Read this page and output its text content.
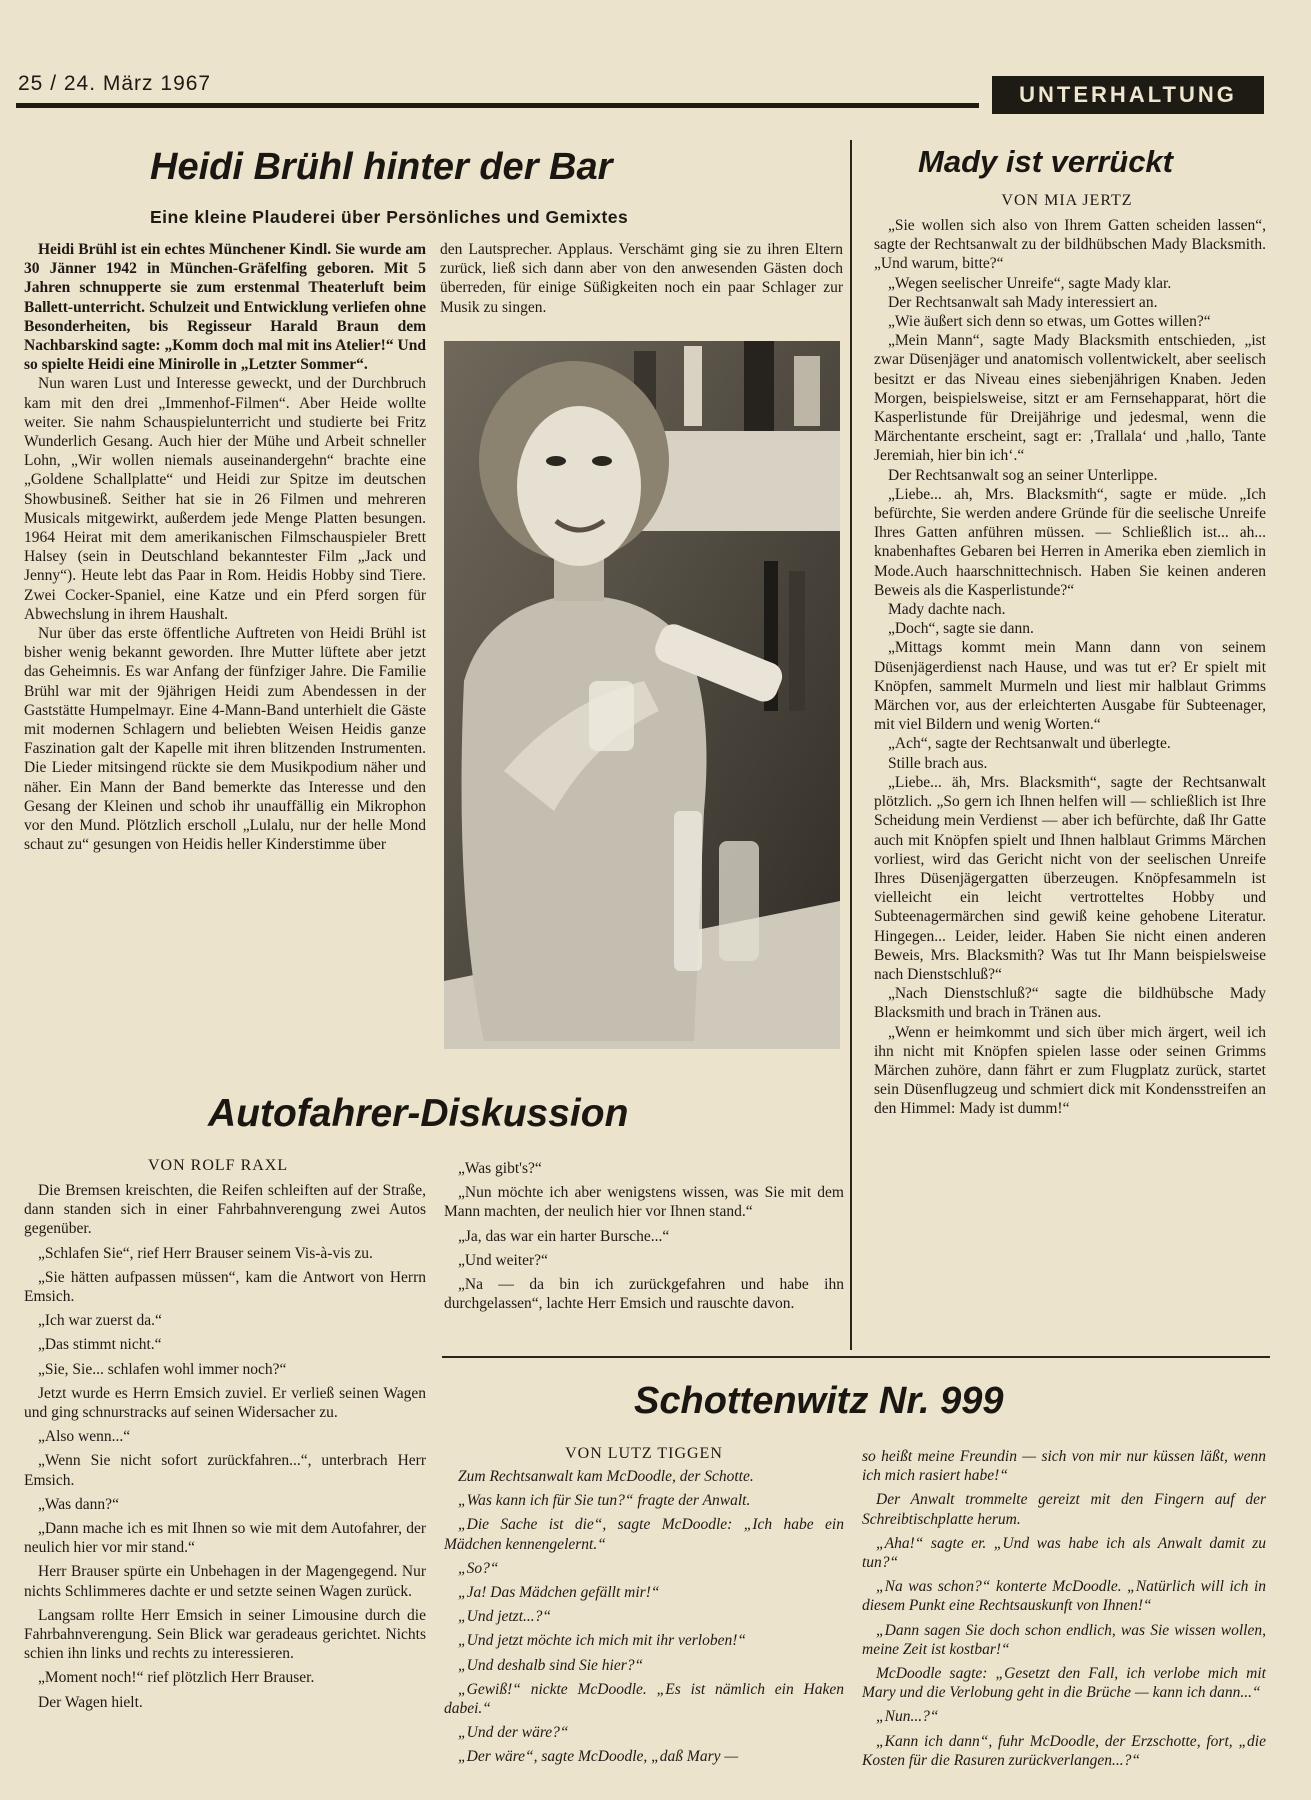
25 / 24. März 1967	UNTERHALTUNG
Heidi Brühl hinter der Bar
Eine kleine Plauderei über Persönliches und Gemixtes

Heidi Brühl ist ein echtes Münchener Kindl. Sie wurde am 30 Jänner 1942 in München-Gräfelfing geboren. Mit 5 Jahren schnupperte sie zum erstenmal Theaterluft beim Ballett-unterricht. Schulzeit und Entwicklung verliefen ohne Besonderheiten, bis Regisseur Harald Braun dem Nachbarskind sagte: „Komm doch mal mit ins Atelier!“ Und so spielte Heidi eine Minirolle in „Letzter Sommer“.

Nun waren Lust und Interesse geweckt, und der Durchbruch kam mit den drei „Immenhof-Filmen“. Aber Heide wollte weiter. Sie nahm Schauspielunterricht und studierte bei Fritz Wunderlich Gesang. Auch hier der Mühe und Arbeit schneller Lohn, „Wir wollen niemals auseinandergehn“ brachte eine „Goldene Schallplatte“ und Heidi zur Spitze im deutschen Showbusineß. Seither hat sie in 26 Filmen und mehreren Musicals mitgewirkt, außerdem jede Menge Platten besungen. 1964 Heirat mit dem amerikanischen Filmschauspieler Brett Halsey (sein in Deutschland bekanntester Film „Jack und Jenny“). Heute lebt das Paar in Rom. Heidis Hobby sind Tiere. Zwei Cocker-Spaniel, eine Katze und ein Pferd sorgen für Abwechslung in ihrem Haushalt.

Nur über das erste öffentliche Auftreten von Heidi Brühl ist bisher wenig bekannt geworden. Ihre Mutter lüftete aber jetzt das Geheimnis. Es war Anfang der fünfziger Jahre. Die Familie Brühl war mit der 9jährigen Heidi zum Abendessen in der Gaststätte Humpelmayr. Eine 4-Mann-Band unterhielt die Gäste mit modernen Schlagern und beliebten Weisen Heidis ganze Faszination galt der Kapelle mit ihren blitzenden Instrumenten. Die Lieder mitsingend rückte sie dem Musikpodium näher und näher. Ein Mann der Band bemerkte das Interesse und den Gesang der Kleinen und schob ihr unauffällig ein Mikrophon vor den Mund. Plötzlich erscholl „Lulalu, nur der helle Mond schaut zu“ gesungen von Heidis heller Kinderstimme über

den Lautsprecher. Applaus. Verschämt ging sie zu ihren Eltern zurück, ließ sich dann aber von den anwesenden Gästen doch überreden, für einige Süßigkeiten noch ein paar Schlager zur Musik zu singen.

Mady ist verrückt
VON MIA JERTZ

„Sie wollen sich also von Ihrem Gatten scheiden lassen“, sagte der Rechtsanwalt zu der bildhübschen Mady Blacksmith. „Und warum, bitte?“

„Wegen seelischer Unreife“, sagte Mady klar.

Der Rechtsanwalt sah Mady interessiert an.

„Wie äußert sich denn so etwas, um Gottes willen?“

„Mein Mann“, sagte Mady Blacksmith entschieden, „ist zwar Düsenjäger und anatomisch vollentwickelt, aber seelisch besitzt er das Niveau eines siebenjährigen Knaben. Jeden Morgen, beispielsweise, sitzt er am Fernsehapparat, hört die Kasperlistunde für Dreijährige und jedesmal, wenn die Märchentante erscheint, sagt er: ‚Trallala‘ und ‚hallo, Tante Jeremiah, hier bin ich‘.“

Der Rechtsanwalt sog an seiner Unterlippe.

„Liebe... ah, Mrs. Blacksmith“, sagte er müde. „Ich befürchte, Sie werden andere Gründe für die seelische Unreife Ihres Gatten anführen müssen. — Schließlich ist... ah... knabenhaftes Gebaren bei Herren in Amerika eben ziemlich in Mode.Auch haarschnittechnisch. Haben Sie keinen anderen Beweis als die Kasperlistunde?“

Mady dachte nach.

„Doch“, sagte sie dann.

„Mittags kommt mein Mann dann von seinem Düsenjägerdienst nach Hause, und was tut er? Er spielt mit Knöpfen, sammelt Murmeln und liest mir halblaut Grimms Märchen vor, aus der erleichterten Ausgabe für Subteenager, mit viel Bildern und wenig Worten.“

„Ach“, sagte der Rechtsanwalt und überlegte.

Stille brach aus.

„Liebe... äh, Mrs. Blacksmith“, sagte der Rechtsanwalt plötzlich. „So gern ich Ihnen helfen will — schließlich ist Ihre Scheidung mein Verdienst — aber ich befürchte, daß Ihr Gatte auch mit Knöpfen spielt und Ihnen halblaut Grimms Märchen vorliest, wird das Gericht nicht von der seelischen Unreife Ihres Düsenjägergatten überzeugen. Knöpfesammeln ist vielleicht ein leicht vertrotteltes Hobby und Subteenagermärchen sind gewiß keine gehobene Literatur. Hingegen... Leider, leider. Haben Sie nicht einen anderen Beweis, Mrs. Blacksmith? Was tut Ihr Mann beispielsweise nach Dienstschluß?“

„Nach Dienstschluß?“ sagte die bildhübsche Mady Blacksmith und brach in Tränen aus.

„Wenn er heimkommt und sich über mich ärgert, weil ich ihn nicht mit Knöpfen spielen lasse oder seinen Grimms Märchen zuhöre, dann fährt er zum Flugplatz zurück, startet sein Düsenflugzeug und schmiert dick mit Kondensstreifen an den Himmel: Mady ist dumm!“

Autofahrer-Diskussion
VON ROLF RAXL

Die Bremsen kreischten, die Reifen schleiften auf der Straße, dann standen sich in einer Fahrbahnverengung zwei Autos gegenüber.

„Schlafen Sie“, rief Herr Brauser seinem Vis-à-vis zu.

„Sie hätten aufpassen müssen“, kam die Antwort von Herrn Emsich.

„Ich war zuerst da.“

„Das stimmt nicht.“

„Sie, Sie... schlafen wohl immer noch?“

Jetzt wurde es Herrn Emsich zuviel. Er verließ seinen Wagen und ging schnurstracks auf seinen Widersacher zu.

„Also wenn...“

„Wenn Sie nicht sofort zurückfahren...“, unterbrach Herr Emsich.

„Was dann?“

„Dann mache ich es mit Ihnen so wie mit dem Autofahrer, der neulich hier vor mir stand.“

Herr Brauser spürte ein Unbehagen in der Magengegend. Nur nichts Schlimmeres dachte er und setzte seinen Wagen zurück.

Langsam rollte Herr Emsich in seiner Limousine durch die Fahrbahnverengung. Sein Blick war geradeaus gerichtet. Nichts schien ihn links und rechts zu interessieren.

„Moment noch!“ rief plötzlich Herr Brauser.

Der Wagen hielt.

„Was gibt's?“

„Nun möchte ich aber wenigstens wissen, was Sie mit dem Mann machten, der neulich hier vor Ihnen stand.“

„Ja, das war ein harter Bursche...“

„Und weiter?“

„Na — da bin ich zurückgefahren und habe ihn durchgelassen“, lachte Herr Emsich und rauschte davon.

Schottenwitz Nr. 999
VON LUTZ TIGGEN

Zum Rechtsanwalt kam McDoodle, der Schotte.

„Was kann ich für Sie tun?“ fragte der Anwalt.

„Die Sache ist die“, sagte McDoodle: „Ich habe ein Mädchen kennengelernt.“

„So?“

„Ja! Das Mädchen gefällt mir!“

„Und jetzt...?“

„Und jetzt möchte ich mich mit ihr verloben!“

„Und deshalb sind Sie hier?“

„Gewiß!“ nickte McDoodle. „Es ist nämlich ein Haken dabei.“

„Und der wäre?“

„Der wäre“, sagte McDoodle, „daß Mary —

so heißt meine Freundin — sich von mir nur küssen läßt, wenn ich mich rasiert habe!“

Der Anwalt trommelte gereizt mit den Fingern auf der Schreibtischplatte herum.

„Aha!“ sagte er. „Und was habe ich als Anwalt damit zu tun?“

„Na was schon?“ konterte McDoodle. „Natürlich will ich in diesem Punkt eine Rechtsauskunft von Ihnen!“

„Dann sagen Sie doch schon endlich, was Sie wissen wollen, meine Zeit ist kostbar!“

McDoodle sagte: „Gesetzt den Fall, ich verlobe mich mit Mary und die Verlobung geht in die Brüche — kann ich dann...“

„Nun...?“

„Kann ich dann“, fuhr McDoodle, der Erzschotte, fort, „die Kosten für die Rasuren zurückverlangen...?“
